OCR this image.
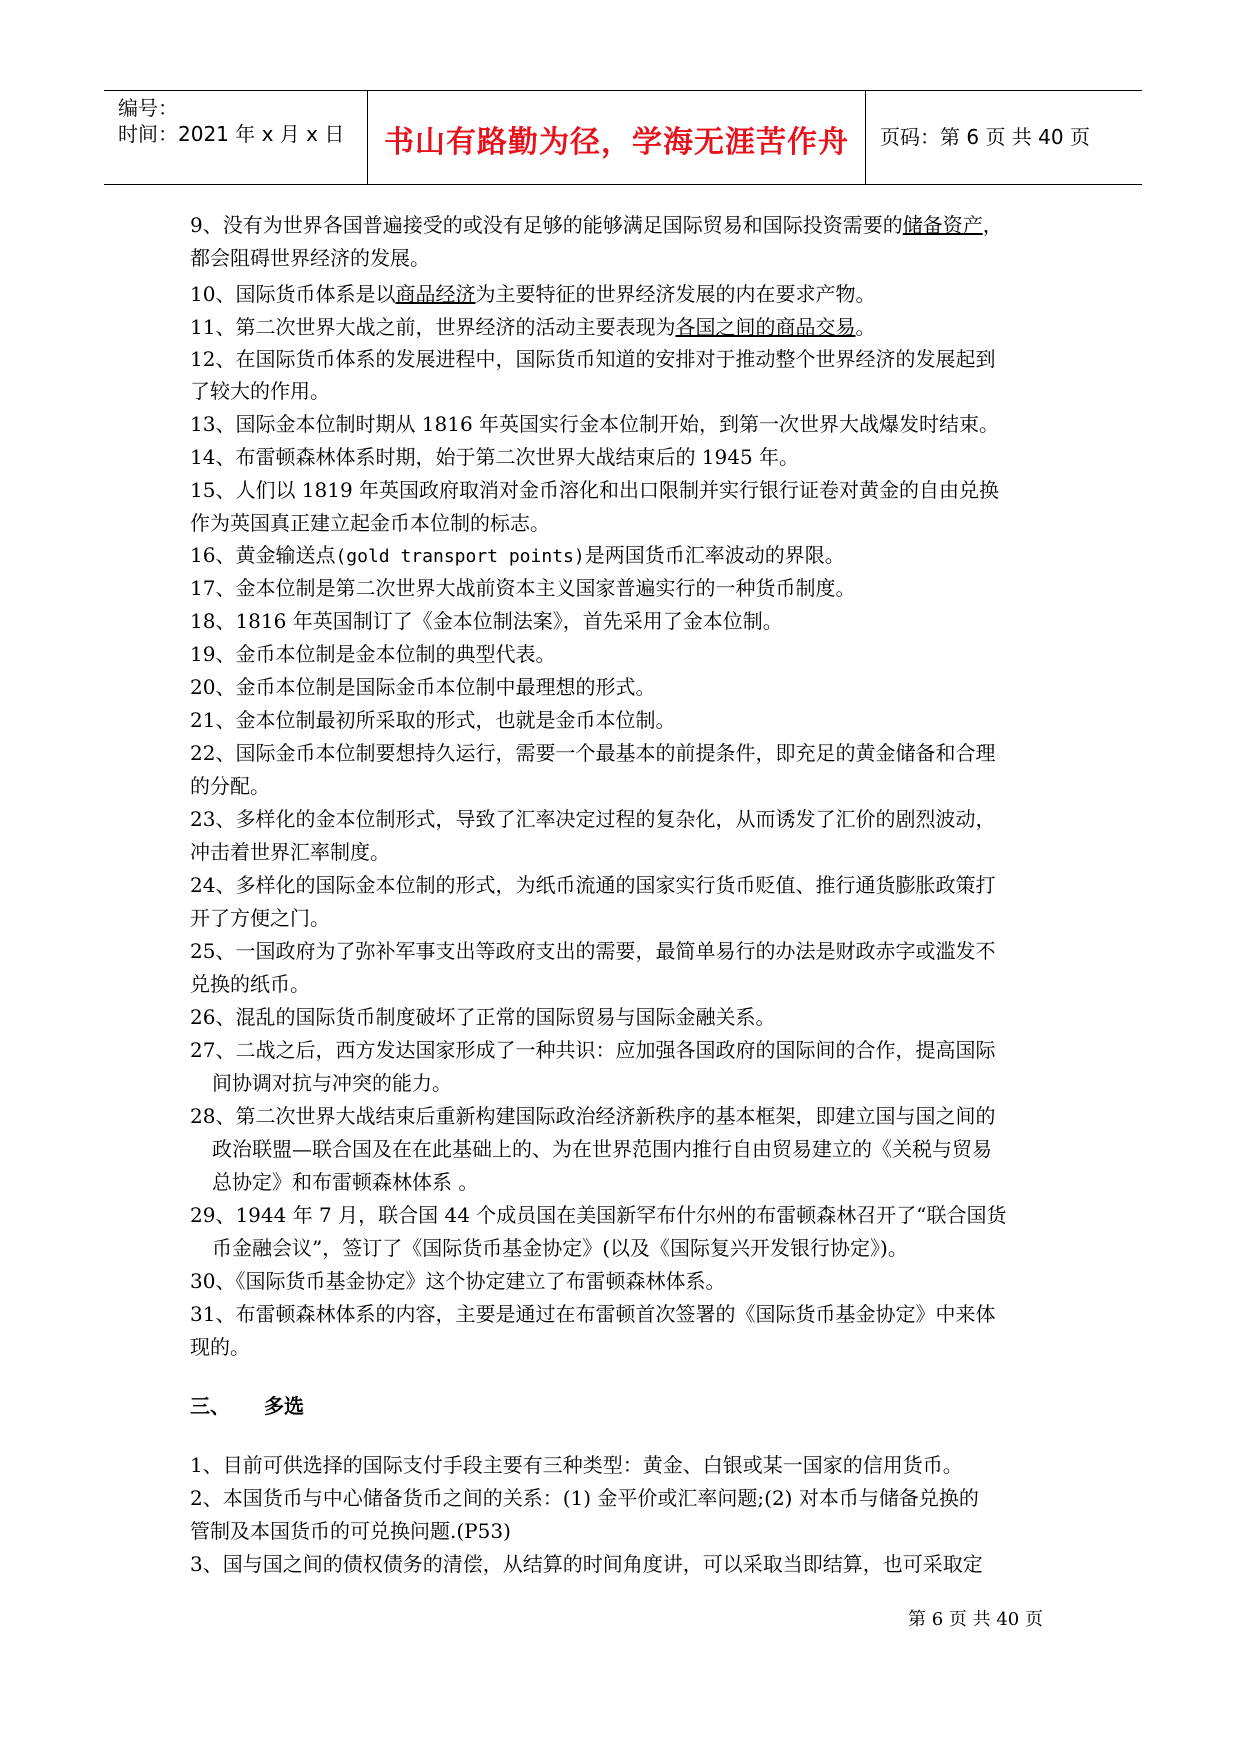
编号：
时间：2021 年 x 月 x 日	书山有路勤为径，学海无涯苦作舟	页码：第 6 页 共 40 页
9、没有为世界各国普遍接受的或没有足够的能够满足国际贸易和国际投资需要的储备资产，
都会阻碍世界经济的发展。
10、国际货币体系是以商品经济为主要特征的世界经济发展的内在要求产物。
11、第二次世界大战之前，世界经济的活动主要表现为各国之间的商品交易。
12、在国际货币体系的发展进程中，国际货币知道的安排对于推动整个世界经济的发展起到
了较大的作用。
13、国际金本位制时期从 1816 年英国实行金本位制开始，到第一次世界大战爆发时结束。
14、布雷顿森林体系时期，始于第二次世界大战结束后的 1945 年。
15、人们以 1819 年英国政府取消对金币溶化和出口限制并实行银行证卷对黄金的自由兑换
作为英国真正建立起金币本位制的标志。
16、黄金输送点(gold transport points)是两国货币汇率波动的界限。
17、金本位制是第二次世界大战前资本主义国家普遍实行的一种货币制度。
18、1816 年英国制订了《金本位制法案》，首先采用了金本位制。
19、金币本位制是金本位制的典型代表。
20、金币本位制是国际金币本位制中最理想的形式。
21、金本位制最初所采取的形式，也就是金币本位制。
22、国际金币本位制要想持久运行，需要一个最基本的前提条件，即充足的黄金储备和合理
的分配。
23、多样化的金本位制形式，导致了汇率决定过程的复杂化，从而诱发了汇价的剧烈波动，
冲击着世界汇率制度。
24、多样化的国际金本位制的形式，为纸币流通的国家实行货币贬值、推行通货膨胀政策打
开了方便之门。
25、一国政府为了弥补军事支出等政府支出的需要，最简单易行的办法是财政赤字或滥发不
兑换的纸币。
26、混乱的国际货币制度破坏了正常的国际贸易与国际金融关系。
27、二战之后，西方发达国家形成了一种共识：应加强各国政府的国际间的合作，提高国际
间协调对抗与冲突的能力。
28、第二次世界大战结束后重新构建国际政治经济新秩序的基本框架，即建立国与国之间的
政治联盟—联合国及在在此基础上的、为在世界范围内推行自由贸易建立的《关税与贸易
总协定》和布雷顿森林体系 。
29、1944 年 7 月，联合国 44 个成员国在美国新罕布什尔州的布雷顿森林召开了“联合国货
币金融会议”，签订了《国际货币基金协定》(以及《国际复兴开发银行协定》)。
30、《国际货币基金协定》这个协定建立了布雷顿森林体系。
31、布雷顿森林体系的内容，主要是通过在布雷顿首次签署的《国际货币基金协定》中来体
现的。
三、 多选
1、目前可供选择的国际支付手段主要有三种类型：黄金、白银或某一国家的信用货币。
2、本国货币与中心储备货币之间的关系：(1) 金平价或汇率问题;(2) 对本币与储备兑换的
管制及本国货币的可兑换问题.(P53)
3、国与国之间的债权债务的清偿，从结算的时间角度讲，可以采取当即结算，也可采取定
第 6 页 共 40 页
